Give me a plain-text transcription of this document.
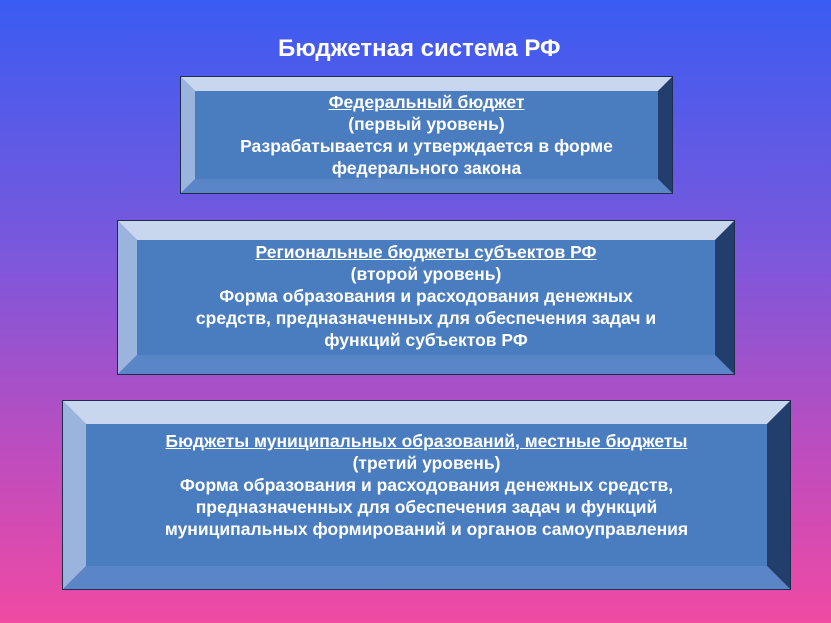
Бюджетная система РФ
Федеральный бюджет
(первый уровень)
Разрабатывается и утверждается в форме
федерального закона
Региональные бюджеты субъектов РФ
(второй уровень)
Форма образования и расходования денежных
средств, предназначенных для обеспечения задач и
функций субъектов РФ
Бюджеты муниципальных образований, местные бюджеты
(третий уровень)
Форма образования и расходования денежных средств,
предназначенных для обеспечения задач и функций
муниципальных формирований и органов самоуправления
